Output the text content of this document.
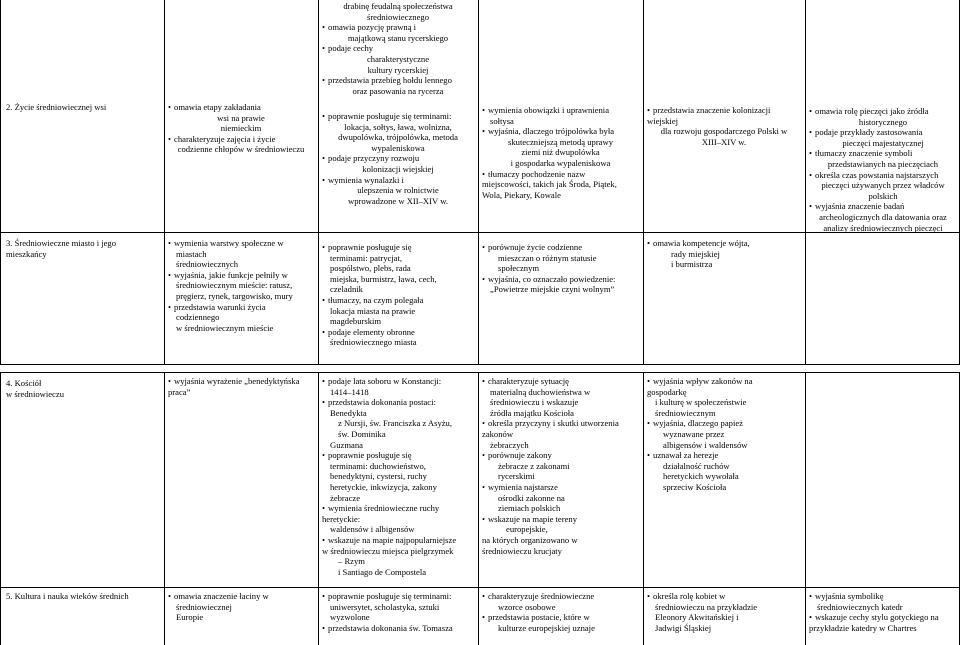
2. Życie średniowiecznej wsi	• omawia etapy zakładania
wsi na prawie
niemieckim
• charakteryzuje zajęcia i życie
codzienne chłopów w średniowieczu
drabinę feudalną społeczeństwa
średniowiecznego
• omawia pozycję prawną i
majątkową stanu rycerskiego
• podaje cechy
charakterystyczne
kultury rycerskiej
• przedstawia przebieg hołdu lennego
oraz pasowania na rycerza
• poprawnie posługuje się terminami:
lokacja, sołtys, ława, wolnizna,
dwupolówka, trójpolówka, metoda
wypaleniskowa
• podaje przyczyny rozwoju
kolonizacji wiejskiej
• wymienia wynalazki i
ulepszenia w rolnictwie
wprowadzone w XII–XIV w.
• wymienia obowiązki i uprawnienia
sołtysa
• wyjaśnia, dlaczego trójpolówka była
skuteczniejszą metodą uprawy
ziemi niż dwupolówka
i gospodarka wypaleniskowa
• tłumaczy pochodzenie nazw
miejscowości, takich jak Środa, Piątek,
Wola, Piekary, Kowale
• przedstawia znaczenie kolonizacji
wiejskiej
dla rozwoju gospodarczego Polski w
XIII–XIV w.
• omawia rolę pieczęci jako źródła
historycznego
• podaje przykłady zastosowania
pieczęci majestatycznej
• tłumaczy znaczenie symboli
przedstawianych na pieczęciach
• określa czas powstania najstarszych
pieczęci używanych przez władców
polskich
• wyjaśnia znaczenie badań
archeologicznych dla datowania oraz
analizy średniowiecznych pieczęci
3. Średniowieczne miasto i jego
mieszkańcy
• wymienia warstwy społeczne w
miastach
średniowiecznych
• wyjaśnia, jakie funkcje pełniły w
średniowiecznym mieście: ratusz,
pręgierz, rynek, targowisko, mury
• przedstawia warunki życia
codziennego
w średniowiecznym mieście
• poprawnie posługuje się
terminami: patrycjat,
pospólstwo, plebs, rada
miejska, burmistrz, ława, cech,
czeladnik
• tłumaczy, na czym polegała
lokacja miasta na prawie
magdeburskim
• podaje elementy obronne
średniowiecznego miasta
• porównuje życie codzienne
mieszczan o różnym statusie
społecznym
• wyjaśnia, co oznaczało powiedzenie:
„Powietrze miejskie czyni wolnym”
• omawia kompetencje wójta,
rady miejskiej
i burmistrza
4. Kościół
w średniowieczu
• wyjaśnia wyrażenie „benedyktyńska
praca”
• podaje lata soboru w Konstancji:
1414–1418
• przedstawia dokonania postaci:
Benedykta
z Nursji, św. Franciszka z Asyżu,
św. Dominika
Guzmana
• poprawnie posługuje się
terminami: duchowieństwo,
benedyktyni, cystersi, ruchy
heretyckie, inkwizycja, zakony
żebracze
• wymienia średniowieczne ruchy
heretyckie:
waldensów i albigensów
• wskazuje na mapie najpopularniejsze
w średniowieczu miejsca pielgrzymek
– Rzym
i Santiago de Compostela
• charakteryzuje sytuację
materialną duchowieństwa w
średniowieczu i wskazuje
źródła majątku Kościoła
• określa przyczyny i skutki utworzenia
zakonów
żebraczych
• porównuje zakony
żebracze z zakonami
rycerskimi
• wymienia najstarsze
ośrodki zakonne na
ziemiach polskich
• wskazuje na mapie tereny
europejskie,
na których organizowano w
średniowieczu krucjaty
• wyjaśnia wpływ zakonów na
gospodarkę
i kulturę w społeczeństwie
średniowiecznym
• wyjaśnia, dlaczego papież
wyznawane przez
albigensów i waldensów
• uznawał za herezje
działalność ruchów
heretyckich wywołała
sprzeciw Kościoła
5. Kultura i nauka wieków średnich	• omawia znaczenie łaciny w
średniowiecznej
Europie
• poprawnie posługuje się terminami:
uniwersytet, scholastyka, sztuki
wyzwolone
• przedstawia dokonania św. Tomasza
• charakteryzuje średniowieczne
wzorce osobowe
• przedstawia postacie, które w
kulturze europejskiej uznaje
• określa rolę kobiet w
średniowieczu na przykładzie
Eleonory Akwitańskiej i
Jadwigi Śląskiej
• wyjaśnia symbolikę
średniowiecznych katedr
• wskazuje cechy stylu gotyckiego na
przykładzie katedry w Chartres
